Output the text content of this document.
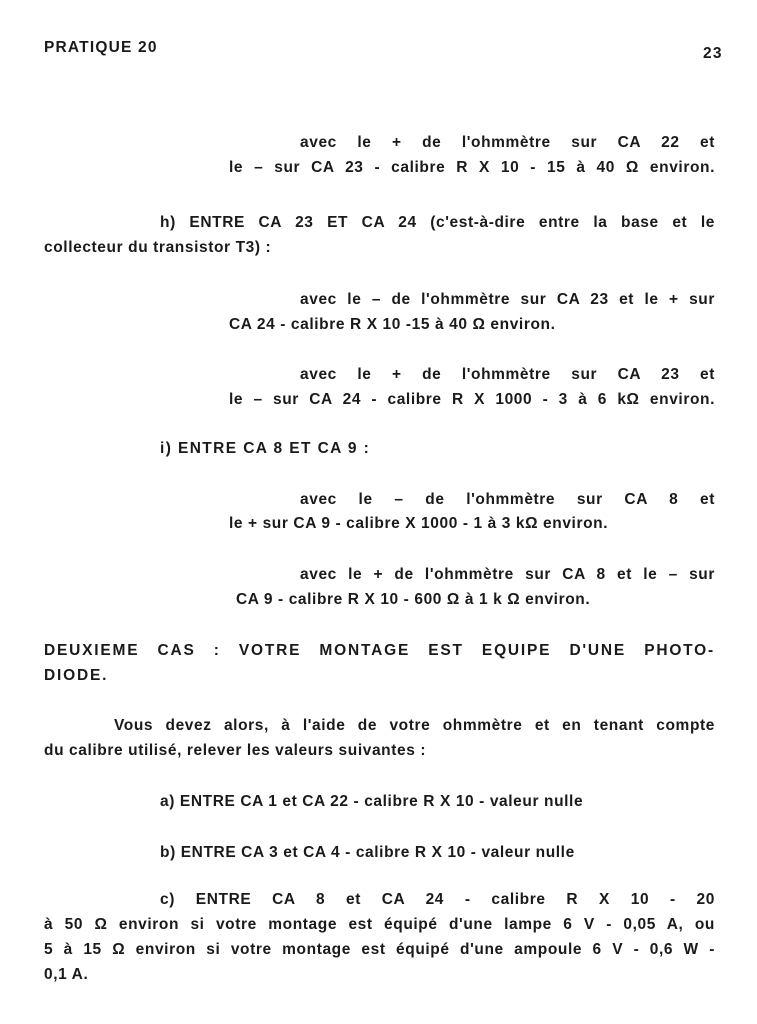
PRATIQUE 20	23
avec le + de l'ohmmètre sur CA 22 et
le – sur CA 23 - calibre R X 10 - 15 à 40 Ω environ.
h) ENTRE CA 23 ET CA 24 (c'est-à-dire entre la base et le
collecteur du transistor T3) :
avec le – de l'ohmmètre sur CA 23 et le + sur
CA 24 - calibre R X 10 -15 à 40 Ω environ.
avec le + de l'ohmmètre sur CA 23 et
le – sur CA 24 - calibre R X 1000 - 3 à 6 kΩ environ.
i) ENTRE CA 8 ET CA 9 :
avec le – de l'ohmmètre sur CA 8 et
le + sur CA 9 - calibre X 1000 - 1 à 3 kΩ environ.
avec le + de l'ohmmètre sur CA 8 et le – sur
CA 9 - calibre R X 10 - 600 Ω à 1 k Ω environ.
DEUXIEME CAS : VOTRE MONTAGE EST EQUIPE D'UNE PHOTO-
DIODE.
Vous devez alors, à l'aide de votre ohmmètre et en tenant compte
du calibre utilisé, relever les valeurs suivantes :
a) ENTRE CA 1 et CA 22 - calibre R X 10 - valeur nulle
b) ENTRE CA 3 et CA 4 - calibre R X 10 - valeur nulle
c) ENTRE CA 8 et CA 24 - calibre R X 10 - 20
à 50 Ω environ si votre montage est équipé d'une lampe 6 V - 0,05 A, ou
5 à 15 Ω environ si votre montage est équipé d'une ampoule 6 V - 0,6 W -
0,1 A.
